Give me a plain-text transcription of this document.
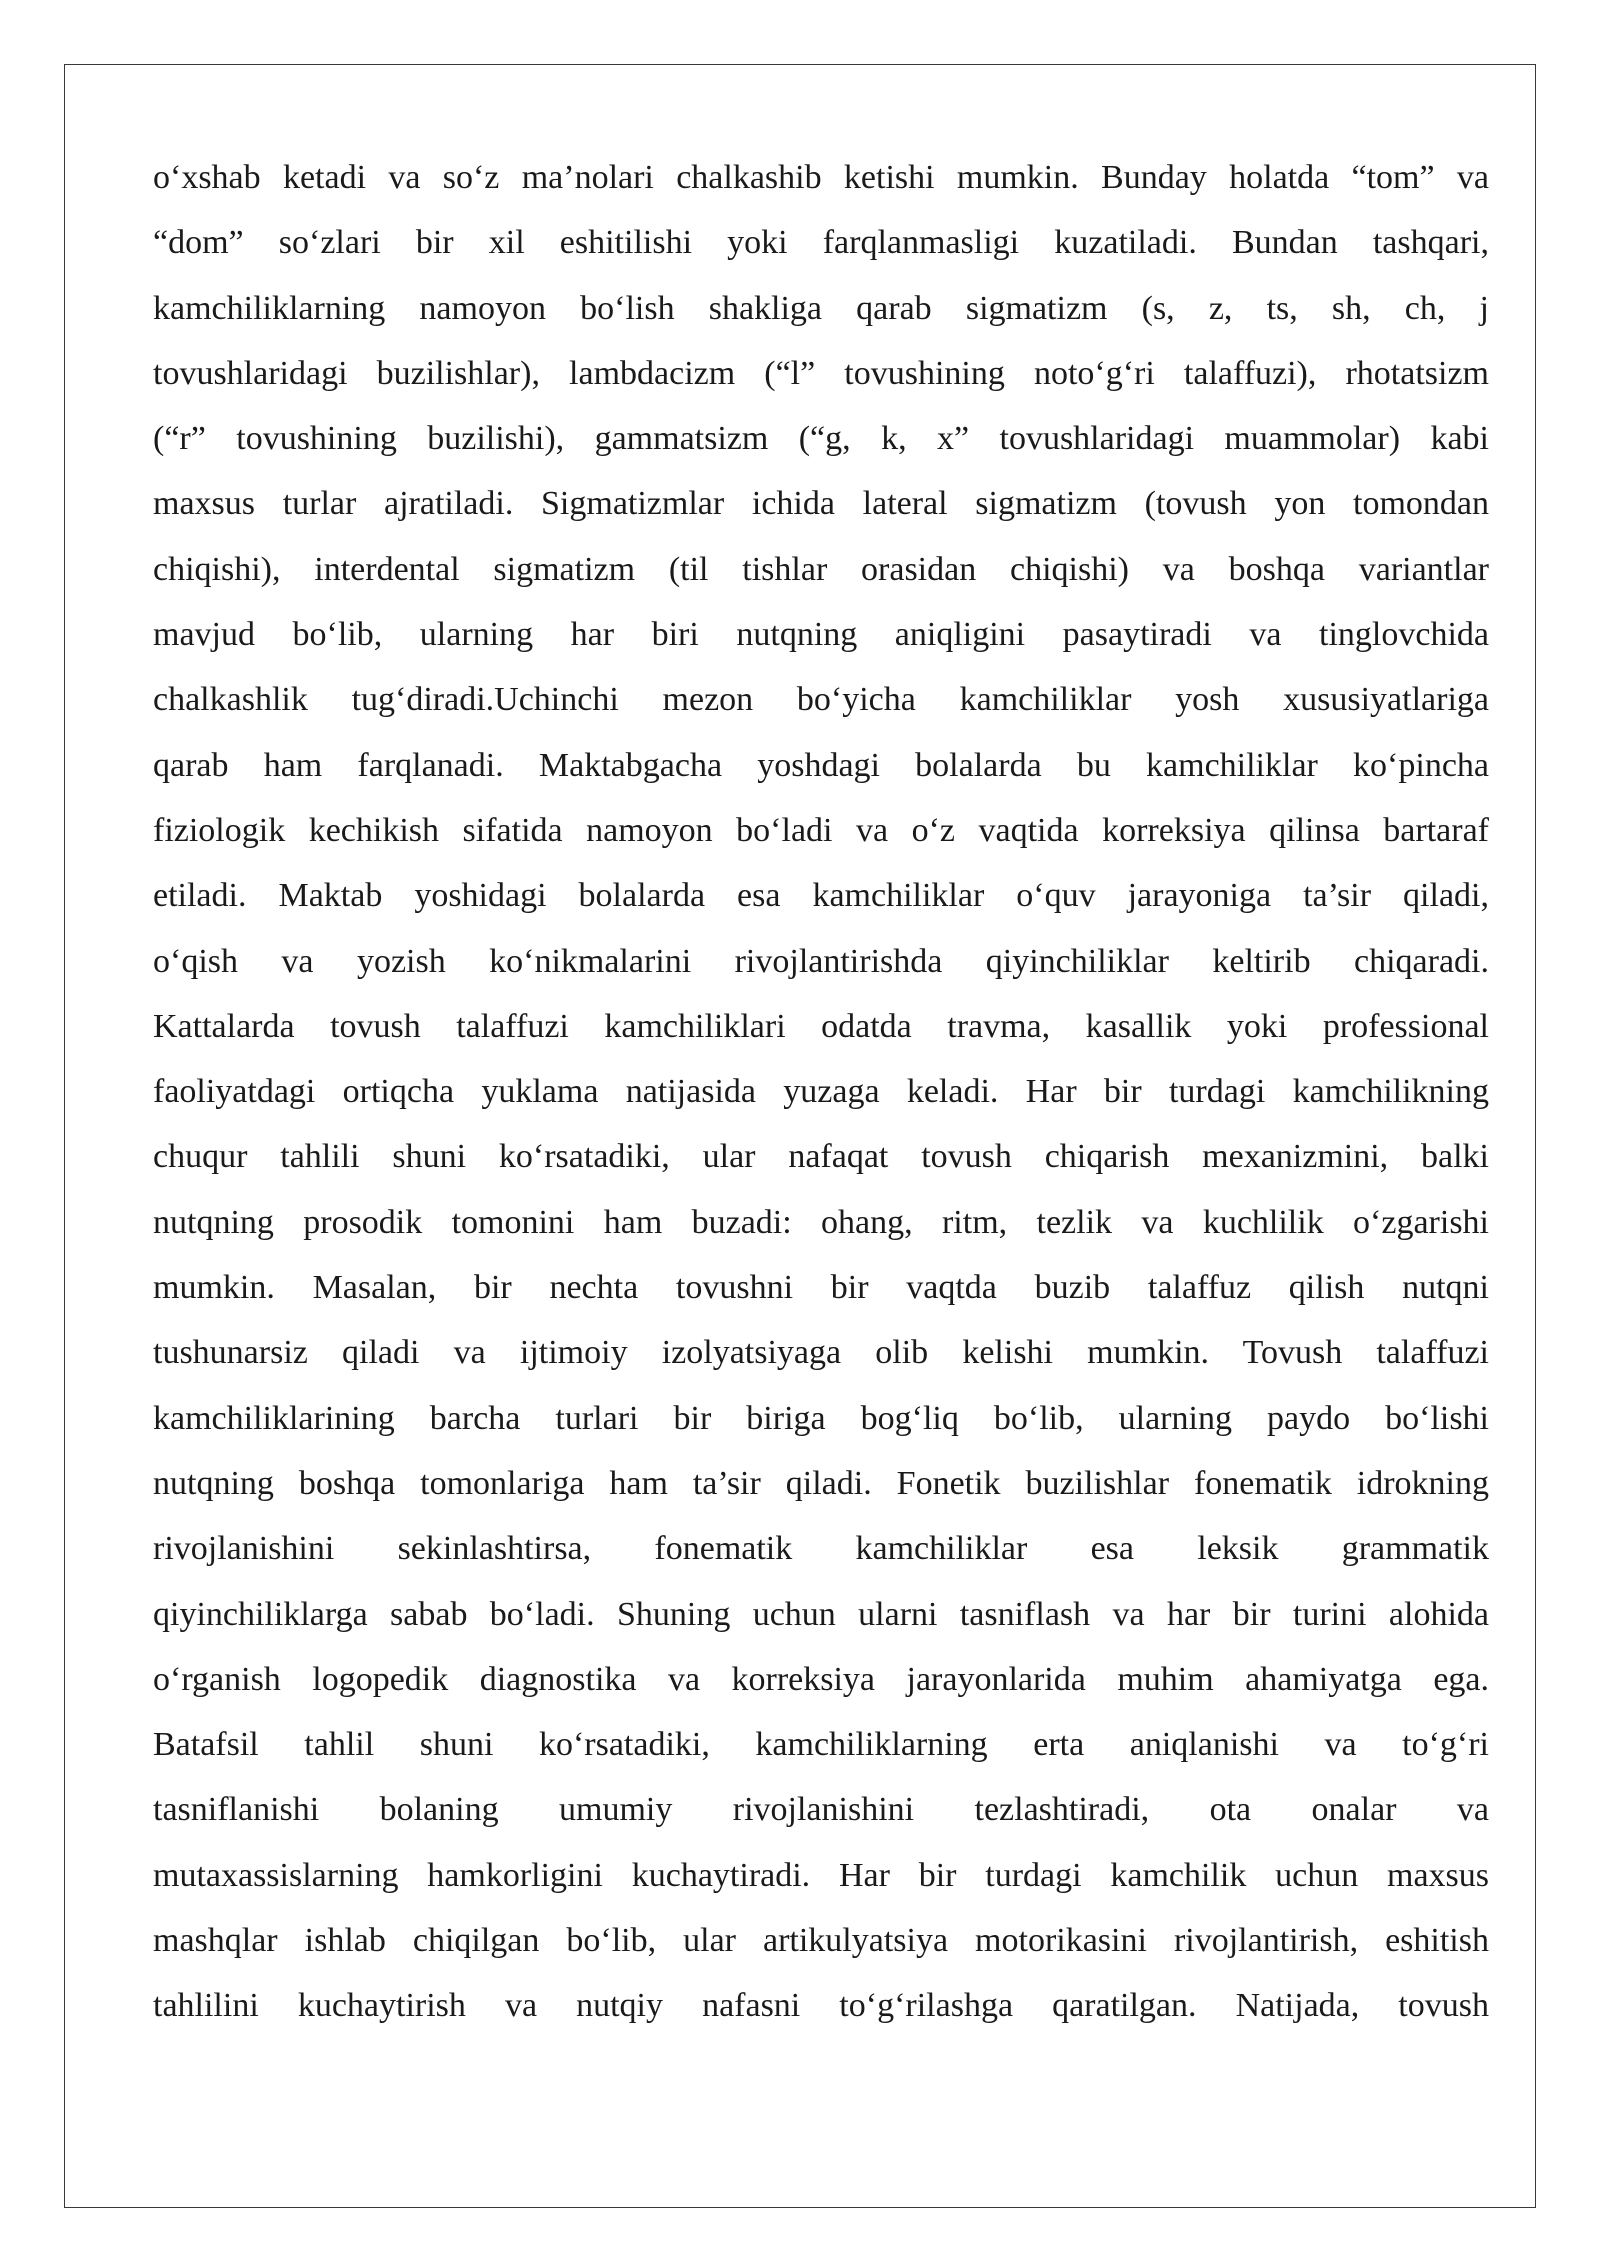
o‘xshab ketadi va so‘z ma’nolari chalkashib ketishi mumkin. Bunday holatda “tom” va
“dom” so‘zlari bir xil eshitilishi yoki farqlanmasligi kuzatiladi. Bundan tashqari,
kamchiliklarning namoyon bo‘lish shakliga qarab sigmatizm (s, z, ts, sh, ch, j
tovushlaridagi buzilishlar), lambdacizm (“l” tovushining noto‘g‘ri talaffuzi), rhotatsizm
(“r” tovushining buzilishi), gammatsizm (“g, k, x” tovushlaridagi muammolar) kabi
maxsus turlar ajratiladi. Sigmatizmlar ichida lateral sigmatizm (tovush yon tomondan
chiqishi), interdental sigmatizm (til tishlar orasidan chiqishi) va boshqa variantlar
mavjud bo‘lib, ularning har biri nutqning aniqligini pasaytiradi va tinglovchida
chalkashlik tug‘diradi.Uchinchi mezon bo‘yicha kamchiliklar yosh xususiyatlariga
qarab ham farqlanadi. Maktabgacha yoshdagi bolalarda bu kamchiliklar ko‘pincha
fiziologik kechikish sifatida namoyon bo‘ladi va o‘z vaqtida korreksiya qilinsa bartaraf
etiladi. Maktab yoshidagi bolalarda esa kamchiliklar o‘quv jarayoniga ta’sir qiladi,
o‘qish va yozish ko‘nikmalarini rivojlantirishda qiyinchiliklar keltirib chiqaradi.
Kattalarda tovush talaffuzi kamchiliklari odatda travma, kasallik yoki professional
faoliyatdagi ortiqcha yuklama natijasida yuzaga keladi. Har bir turdagi kamchilikning
chuqur tahlili shuni ko‘rsatadiki, ular nafaqat tovush chiqarish mexanizmini, balki
nutqning prosodik tomonini ham buzadi: ohang, ritm, tezlik va kuchlilik o‘zgarishi
mumkin. Masalan, bir nechta tovushni bir vaqtda buzib talaffuz qilish nutqni
tushunarsiz qiladi va ijtimoiy izolyatsiyaga olib kelishi mumkin. Tovush talaffuzi
kamchiliklarining barcha turlari bir biriga bog‘liq bo‘lib, ularning paydo bo‘lishi
nutqning boshqa tomonlariga ham ta’sir qiladi. Fonetik buzilishlar fonematik idrokning
rivojlanishini sekinlashtirsa, fonematik kamchiliklar esa leksik grammatik
qiyinchiliklarga sabab bo‘ladi. Shuning uchun ularni tasniflash va har bir turini alohida
o‘rganish logopedik diagnostika va korreksiya jarayonlarida muhim ahamiyatga ega.
Batafsil tahlil shuni ko‘rsatadiki, kamchiliklarning erta aniqlanishi va to‘g‘ri
tasniflanishi bolaning umumiy rivojlanishini tezlashtiradi, ota onalar va
mutaxassislarning hamkorligini kuchaytiradi. Har bir turdagi kamchilik uchun maxsus
mashqlar ishlab chiqilgan bo‘lib, ular artikulyatsiya motorikasini rivojlantirish, eshitish
tahlilini kuchaytirish va nutqiy nafasni to‘g‘rilashga qaratilgan. Natijada, tovush
